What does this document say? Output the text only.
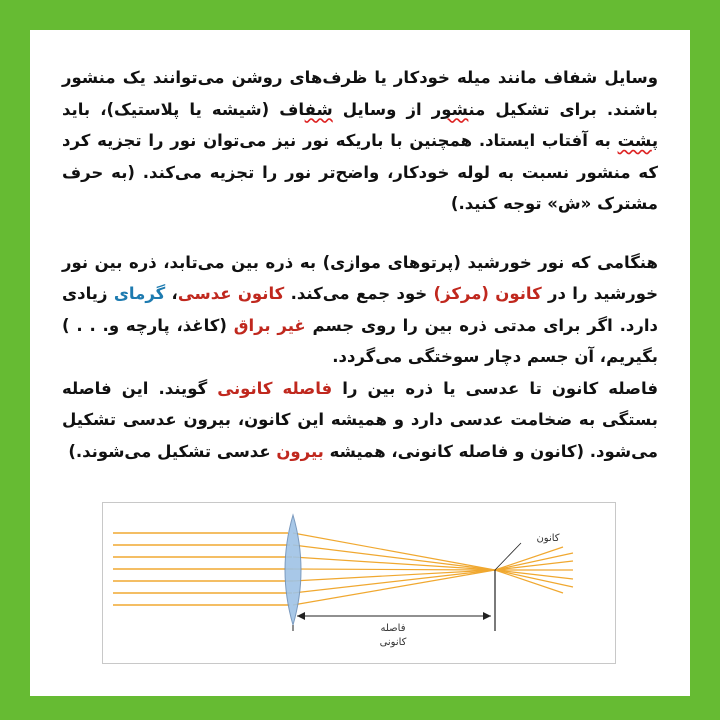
وسایل شفاف مانند میله خودکار یا ظرف‌های روشن می‌توانند یک منشور باشند. برای تشکیل منشور از وسایل شفاف (شیشه یا پلاستیک)، باید پشت به آفتاب ایستاد. همچنین با باریکه نور نیز می‌توان نور را تجزیه کرد که منشور نسبت به لوله خودکار، واضح‌تر نور را تجزیه می‌کند. (به حرف مشترک «ش» توجه کنید.)

هنگامی که نور خورشید (پرتوهای موازی) به ذره بین می‌تابد، ذره بین نور خورشید را در کانون (مرکز) خود جمع می‌کند. کانون عدسی، گرمای زیادی دارد. اگر برای مدتی ذره بین را روی جسم غیر براق (کاغذ، پارچه و. . . ) بگیریم، آن جسم دچار سوختگی می‌گردد.

فاصله کانون تا عدسی یا ذره بین را فاصله کانونی گویند. این فاصله بستگی به ضخامت عدسی دارد و همیشه این کانون، بیرون عدسی تشکیل می‌شود. (کانون و فاصله کانونی، همیشه بیرون عدسی تشکیل می‌شوند.)

کانون
فاصله
کانونی
